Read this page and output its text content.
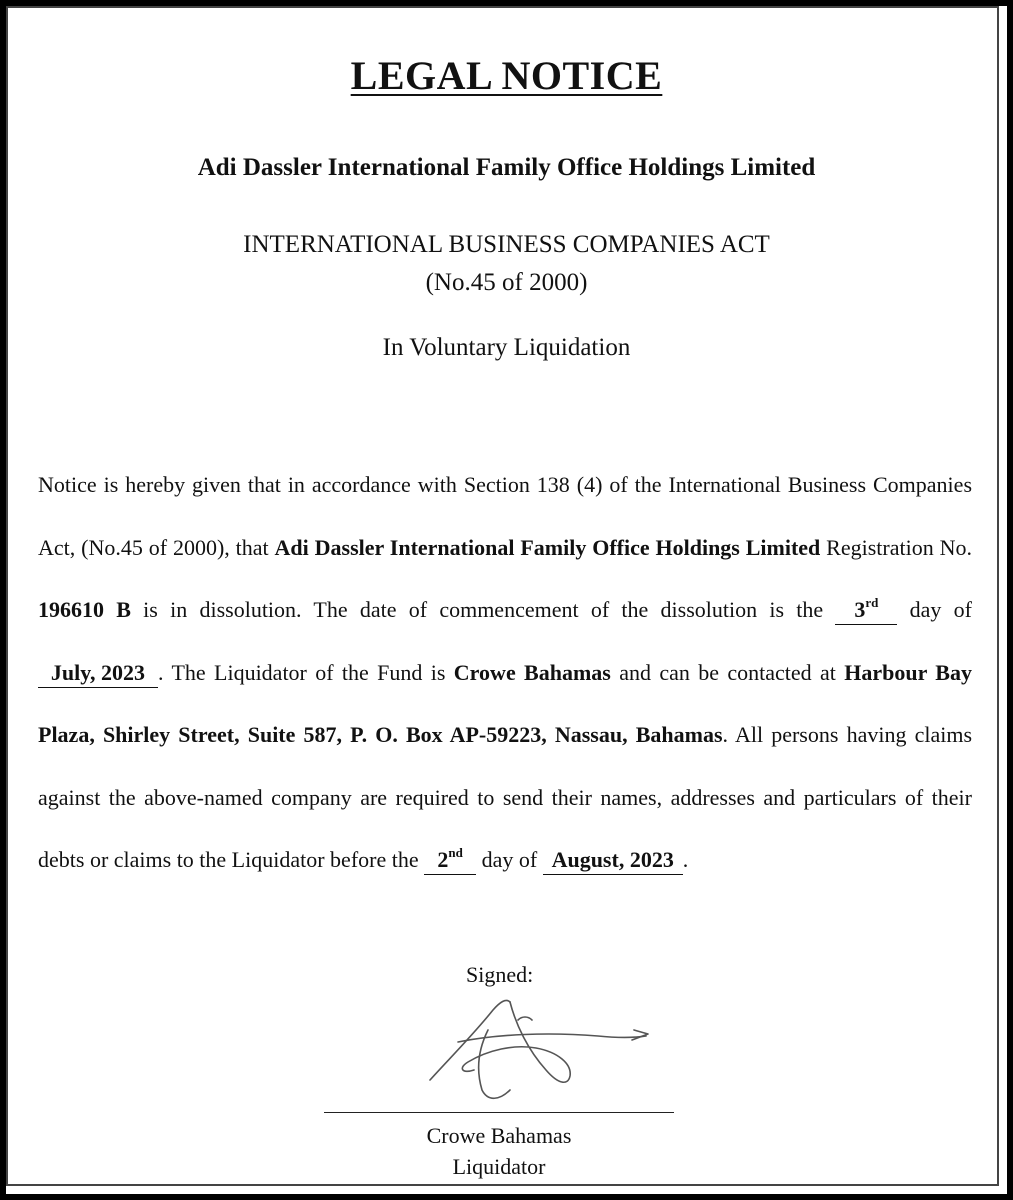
LEGAL NOTICE
Adi Dassler International Family Office Holdings Limited
INTERNATIONAL BUSINESS COMPANIES ACT
(No.45 of 2000)
In Voluntary Liquidation
Notice is hereby given that in accordance with Section 138 (4) of the International Business Companies Act, (No.45 of 2000), that Adi Dassler International Family Office Holdings Limited Registration No. 196610 B is in dissolution. The date of commencement of the dissolution is the 3rd day of July, 2023 . The Liquidator of the Fund is Crowe Bahamas and can be contacted at Harbour Bay Plaza, Shirley Street, Suite 587, P. O. Box AP-59223, Nassau, Bahamas. All persons having claims against the above-named company are required to send their names, addresses and particulars of their debts or claims to the Liquidator before the 2nd day of August, 2023 .
Signed:
Crowe Bahamas
Liquidator
